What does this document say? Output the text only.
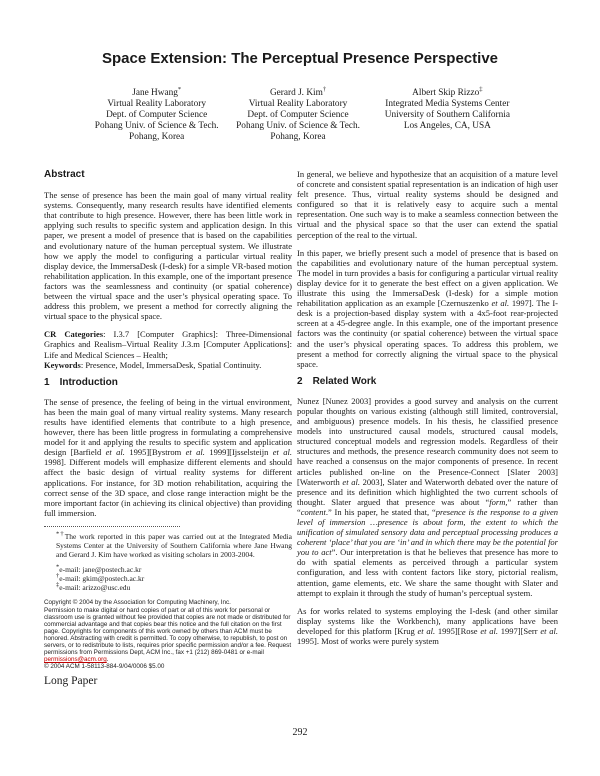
Space Extension: The Perceptual Presence Perspective
Jane Hwang*
Virtual Reality Laboratory
Dept. of Computer Science
Pohang Univ. of Science & Tech.
Pohang, Korea
Gerard J. Kim†
Virtual Reality Laboratory
Dept. of Computer Science
Pohang Univ. of Science & Tech.
Pohang, Korea
Albert Skip Rizzo‡
Integrated Media Systems Center
University of Southern California
Los Angeles, CA, USA
Abstract

The sense of presence has been the main goal of many virtual reality systems. Consequently, many research results have identified elements that contribute to high presence. However, there has been little work in applying such results to specific system and application design. In this paper, we present a model of presence that is based on the capabilities and evolutionary nature of the human perceptual system. We illustrate how we apply the model to configuring a particular virtual reality display device, the ImmersaDesk (I-desk) for a simple VR-based motion rehabilitation application. In this example, one of the important presence factors was the seamlessness and continuity (or spatial coherence) between the virtual space and the user’s physical operating space. To address this problem, we present a method for correctly aligning the virtual space to the physical space.

CR Categories: I.3.7 [Computer Graphics]: Three-Dimensional Graphics and Realism–Virtual Reality J.3.m [Computer Applications]: Life and Medical Sciences – Health;

Keywords: Presence, Model, ImmersaDesk, Spatial Continuity.

1 Introduction

The sense of presence, the feeling of being in the virtual environment, has been the main goal of many virtual reality systems. Many research results have identified elements that contribute to a high presence, however, there has been little progress in formulating a comprehensive model for it and applying the results to specific system and application design [Barfield et al. 1995][Bystrom et al. 1999][Ijsselsteijn et al. 1998]. Different models will emphasize different elements and should affect the basic design of virtual reality systems for different applications. For instance, for 3D motion rehabilitation, acquiring the correct sense of the 3D space, and close range interaction might be the more important factor (in achieving its clinical objective) than providing full immersion.

*†The work reported in this paper was carried out at the Integrated Media Systems Center at the University of Southern California where Jane Hwang and Gerard J. Kim have worked as visiting scholars in 2003-2004.
*e-mail: jane@postech.ac.kr
†e-mail: gkim@postech.ac.kr
‡e-mail: arizzo@usc.edu
Copyright © 2004 by the Association for Computing Machinery, Inc.
Permission to make digital or hard copies of part or all of this work for personal or classroom use is granted without fee provided that copies are not made or distributed for commercial advantage and that copies bear this notice and the full citation on the first page. Copyrights for components of this work owned by others than ACM must be honored. Abstracting with credit is permitted. To copy otherwise, to republish, to post on servers, or to redistribute to lists, requires prior specific permission and/or a fee. Request permissions from Permissions Dept, ACM Inc., fax +1 (212) 869-0481 or e-mail permissions@acm.org.
© 2004 ACM 1-58113-884-9/04/0006 $5.00
Long Paper

In general, we believe and hypothesize that an acquisition of a mature level of concrete and consistent spatial representation is an indication of high user felt presence. Thus, virtual reality systems should be designed and configured so that it is relatively easy to acquire such a mental representation. One such way is to make a seamless connection between the virtual and the physical space so that the user can extend the spatial perception of the real to the virtual.

In this paper, we briefly present such a model of presence that is based on the capabilities and evolutionary nature of the human perceptual system. The model in turn provides a basis for configuring a particular virtual reality display device for it to generate the best effect on a given application. We illustrate this using the ImmersaDesk (I-desk) for a simple motion rehabilitation application as an example [Czernuszenko et al. 1997]. The I-desk is a projection-based display system with a 4x5-foot rear-projected screen at a 45-degree angle. In this example, one of the important presence factors was the continuity (or spatial coherence) between the virtual space and the user’s physical operating spaces. To address this problem, we present a method for correctly aligning the virtual space to the physical space.

2 Related Work

Nunez [Nunez 2003] provides a good survey and analysis on the current popular thoughts on various existing (although still limited, controversial, and ambiguous) presence models. In his thesis, he classified presence models into unstructured causal models, structured causal models, structured conceptual models and regression models. Regardless of their structures and methods, the presence research community does not seem to have reached a consensus on the major components of presence. In recent articles published on-line on the Presence-Connect [Slater 2003][Waterworth et al. 2003], Slater and Waterworth debated over the nature of presence and its definition which highlighted the two current schools of thought. Slater argued that presence was about “form,” rather than “content.” In his paper, he stated that, “presence is the response to a given level of immersion …presence is about form, the extent to which the unification of simulated sensory data and perceptual processing produces a coherent ‘place’ that you are ‘in’ and in which there may be the potential for you to act”. Our interpretation is that he believes that presence has more to do with spatial elements as perceived through a particular system configuration, and less with content factors like story, pictorial realism, attention, game elements, etc. We share the same thought with Slater and attempt to explain it through the study of human’s perceptual system.

As for works related to systems employing the I-desk (and other similar display systems like the Workbench), many applications have been developed for this platform [Krug et al. 1995][Rose et al. 1997][Serr et al. 1995]. Most of works were purely system

292
